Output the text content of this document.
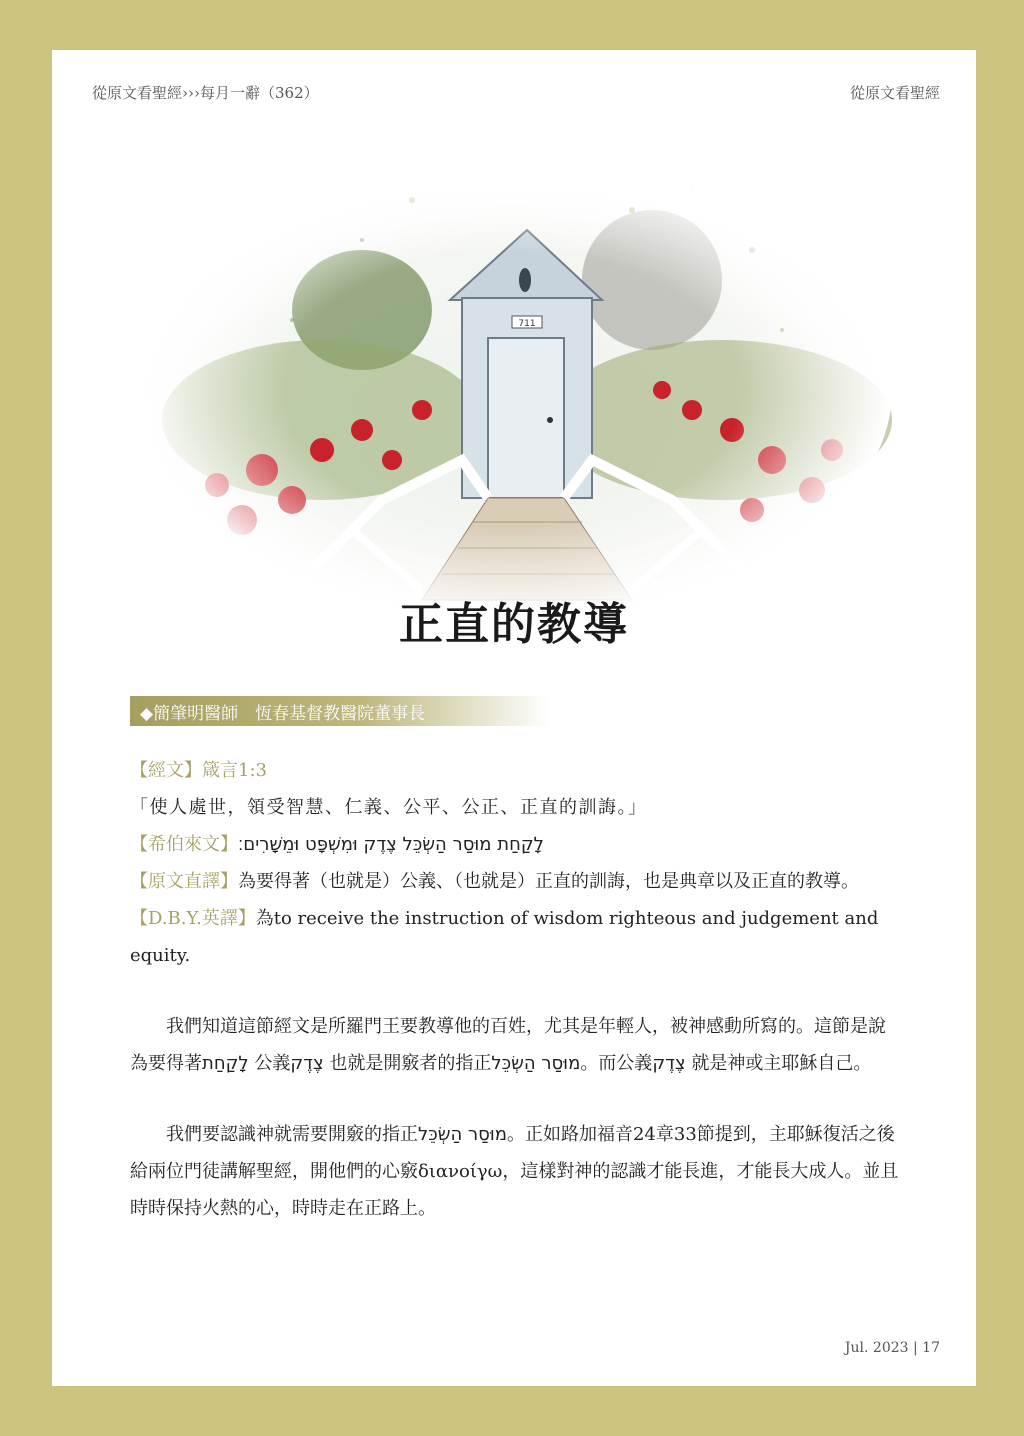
從原文看聖經›››每月一辭（362）	從原文看聖經
正直的教導
◆簡肇明醫師　恆春基督教醫院董事長

【經文】箴言1:3

「使人處世，領受智慧、仁義、公平、公正、正直的訓誨。」

【希伯來文】לָקַחַת מוּסַר הַשְׂכֵּל צֶדֶק וּמִשְׁפָּט וּמֵשָׁרִים׃

【原文直譯】為要得著（也就是）公義、（也就是）正直的訓誨，也是典章以及正直的教導。

【D.B.Y.英譯】為to receive the instruction of wisdom righteous and judgement and equity.

我們知道這節經文是所羅門王要教導他的百姓，尤其是年輕人，被神感動所寫的。這節是說為要得著לָקַחַת 公義צֶדֶק 也就是開竅者的指正מוּסַר הַשְׂכֵּל。而公義צֶדֶק 就是神或主耶穌自己。

我們要認識神就需要開竅的指正מוּסַר הַשְׂכֵּל。正如路加福音24章33節提到，主耶穌復活之後給兩位門徒講解聖經，開他們的心竅διανοίγω，這樣對神的認識才能長進，才能長大成人。並且時時保持火熱的心，時時走在正路上。

Jul. 2023 | 17
